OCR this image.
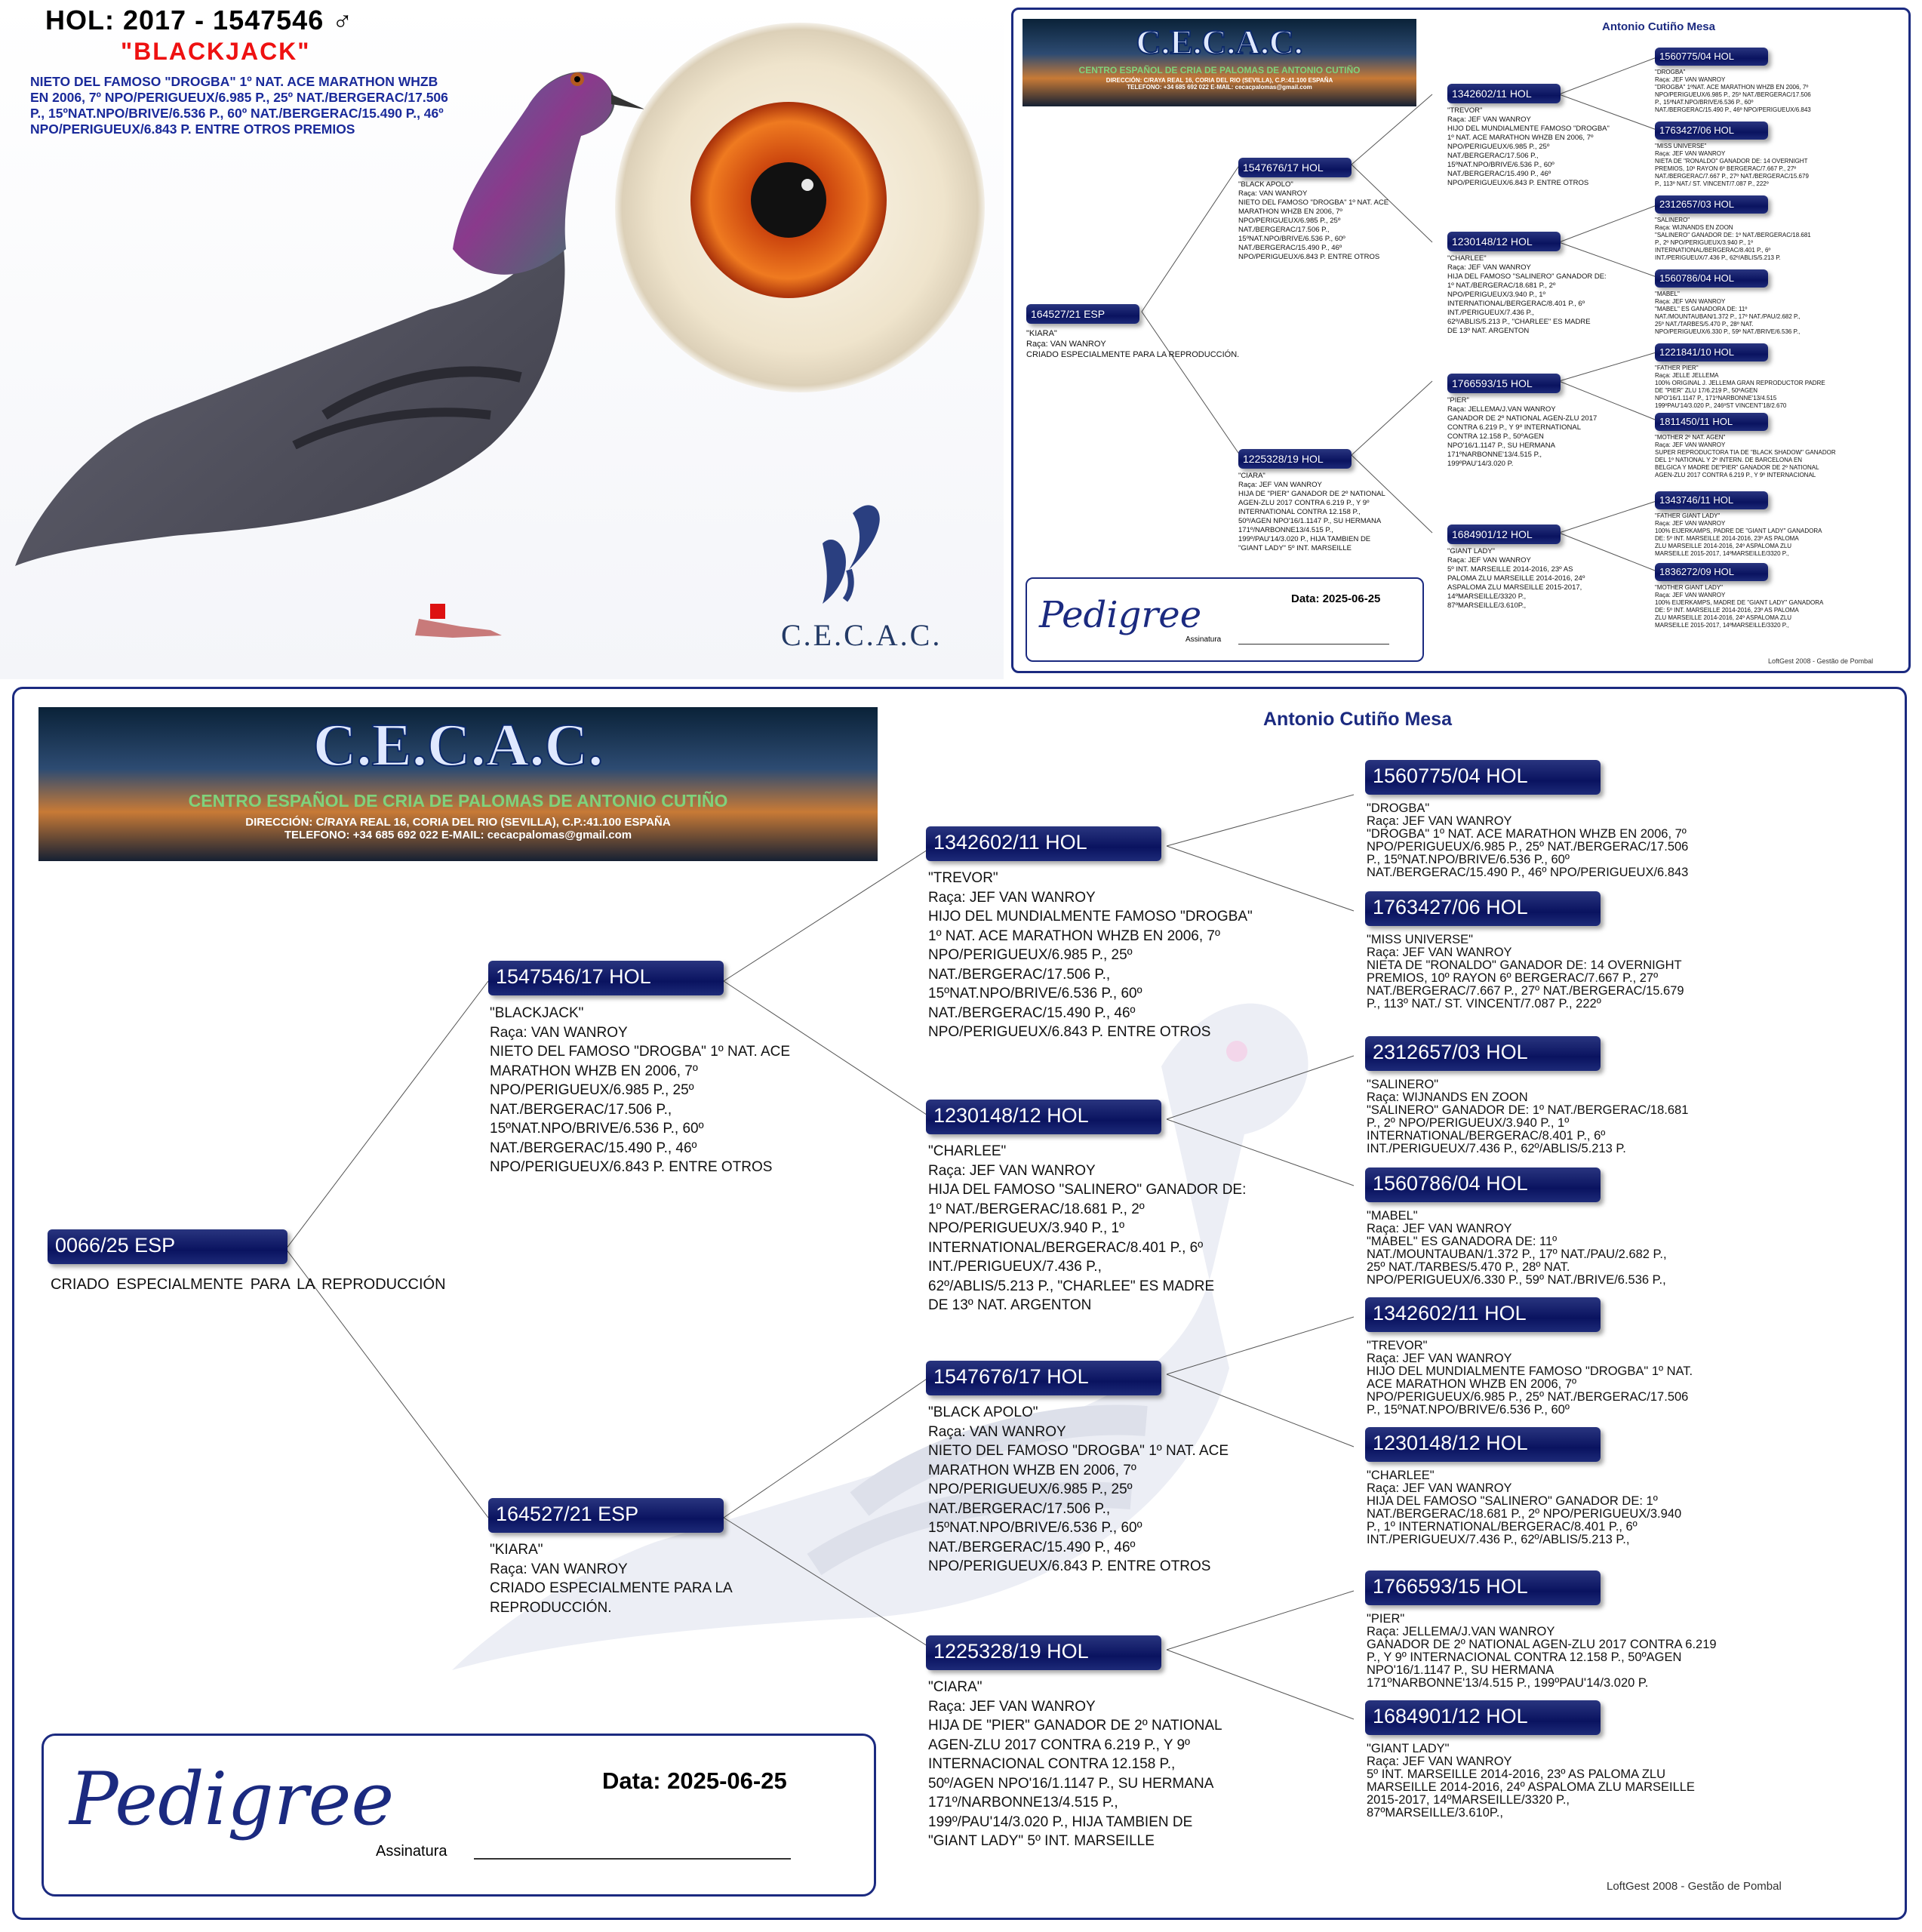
HOL: 2017 - 1547546 ♂
"BLACKJACK"
NIETO DEL FAMOSO "DROGBA" 1º NAT. ACE MARATHON WHZB EN 2006, 7º NPO/PERIGUEUX/6.985 P., 25º NAT./BERGERAC/17.506 P., 15ºNAT.NPO/BRIVE/6.536 P., 60º NAT./BERGERAC/15.490 P., 46º NPO/PERIGUEUX/6.843 P. ENTRE OTROS PREMIOS
C.E.C.A.C.
C.E.C.A.C.
CENTRO ESPAÑOL DE CRIA DE PALOMAS DE ANTONIO CUTIÑO
DIRECCIÓN: C/RAYA REAL 16, CORIA DEL RIO (SEVILLA), C.P.:41.100 ESPAÑA
TELEFONO: +34 685 692 022 E-MAIL: cecacpalomas@gmail.com
Antonio Cutiño Mesa
164527/21 ESP
"KIARA"
Raça: VAN WANROY
CRIADO ESPECIALMENTE PARA LA REPRODUCCIÓN.
1547676/17 HOL
"BLACK APOLO"
Raça: VAN WANROY
NIETO DEL FAMOSO "DROGBA" 1º NAT. ACE
MARATHON WHZB EN 2006, 7º
NPO/PERIGUEUX/6.985 P., 25º
NAT./BERGERAC/17.506 P.,
15ºNAT.NPO/BRIVE/6.536 P., 60º
NAT./BERGERAC/15.490 P., 46º
NPO/PERIGUEUX/6.843 P. ENTRE OTROS
1225328/19 HOL
"CIARA"
Raça: JEF VAN WANROY
HIJA DE "PIER" GANADOR DE 2º NATIONAL
AGEN-ZLU 2017 CONTRA 6.219 P., Y 9º
INTERNATIONAL CONTRA 12.158 P.,
50º/AGEN NPO'16/1.1147 P., SU HERMANA
171º/NARBONNE13/4.515 P.,
199º/PAU'14/3.020 P., HIJA TAMBIEN DE
"GIANT LADY" 5º INT. MARSEILLE
1342602/11 HOL
"TREVOR"
Raça: JEF VAN WANROY
HIJO DEL MUNDIALMENTE FAMOSO "DROGBA"
1º NAT. ACE MARATHON WHZB EN 2006, 7º
NPO/PERIGUEUX/6.985 P., 25º
NAT./BERGERAC/17.506 P.,
15ºNAT.NPO/BRIVE/6.536 P., 60º
NAT./BERGERAC/15.490 P., 46º
NPO/PERIGUEUX/6.843 P. ENTRE OTROS
1230148/12 HOL
"CHARLEE"
Raça: JEF VAN WANROY
HIJA DEL FAMOSO "SALINERO" GANADOR DE:
1º NAT./BERGERAC/18.681 P., 2º
NPO/PERIGUEUX/3.940 P., 1º
INTERNATIONAL/BERGERAC/8.401 P., 6º
INT./PERIGUEUX/7.436 P.,
62º/ABLIS/5.213 P., "CHARLEE" ES MADRE
DE 13º NAT. ARGENTON
1766593/15 HOL
"PIER"
Raça: JELLEMA/J.VAN WANROY
GANADOR DE 2º NATIONAL AGEN-ZLU 2017
CONTRA 6.219 P., Y 9º INTERNATIONAL
CONTRA 12.158 P., 50ºAGEN
NPO'16/1.1147 P., SU HERMANA
171ºNARBONNE'13/4.515 P.,
199ºPAU'14/3.020 P.
1684901/12 HOL
"GIANT LADY"
Raça: JEF VAN WANROY
5º INT. MARSEILLE 2014-2016, 23º AS
PALOMA ZLU MARSEILLE 2014-2016, 24º
ASPALOMA ZLU MARSEILLE 2015-2017,
14ºMARSEILLE/3320 P.,
87ºMARSEILLE/3.610P.,
1560775/04 HOL
"DROGBA"
Raça: JEF VAN WANROY
"DROGBA" 1ºNAT. ACE MARATHON WHZB EN 2006, 7º
NPO/PERIGUEUX/6.985 P., 25º NAT./BERGERAC/17.506
P., 15ºNAT.NPO/BRIVE/6.536 P., 60º
NAT./BERGERAC/15.490 P., 46º NPO/PERIGUEUX/6.843
1763427/06 HOL
"MISS UNIVERSE"
Raça: JEF VAN WANROY
NIETA DE "RONALDO" GANADOR DE: 14 OVERNIGHT
PREMIOS, 10º RAYON 6º BERGERAC/7.667 P., 27º
NAT./BERGERAC/7.667 P., 27º NAT./BERGERAC/15.679
P., 113º NAT./ ST. VINCENT/7.087 P., 222º
2312657/03 HOL
"SALINERO"
Raça: WIJNANDS EN ZOON
"SALINERO" GANADOR DE: 1º NAT./BERGERAC/18.681
P., 2º NPO/PERIGUEUX/3.940 P., 1º
INTERNATIONAL/BERGERAC/8.401 P., 6º
INT./PERIGUEUX/7.436 P., 62º/ABLIS/5.213 P.
1560786/04 HOL
"MABEL"
Raça: JEF VAN WANROY
"MABEL" ES GANADORA DE: 11º
NAT./MOUNTAUBAN/1.372 P., 17º NAT./PAU/2.682 P.,
25º NAT./TARBES/5.470 P., 28º NAT.
NPO/PERIGUEUX/6.330 P., 59º NAT./BRIVE/6.536 P.,
1221841/10 HOL
"FATHER PIER"
Raça: JELLE JELLEMA
100% ORIGINAL J. JELLEMA GRAN REPRODUCTOR PADRE
DE "PIER" ZLU 17/6.219 P., 50ºAGEN
NPO'16/1.1147 P., 171ºNARBONNE'13/4.515
199ºPAU'14/3.020 P., 246ºST VINCENT'18/2.670
1811450/11 HOL
"MOTHER 2º NAT. AGEN"
Raça: JEF VAN WANROY
SUPER REPRODUCTORA TIA DE "BLACK SHADOW" GANADOR
DEL 1º NATIONAL Y 2º INTERN. DE BARCELONA EN
BELGICA Y MADRE DE"PIER" GANADOR DE 2º NATIONAL
AGEN-ZLU 2017 CONTRA 6.219 P., Y 9º INTERNACIONAL
1343746/11 HOL
"FATHER GIANT LADY"
Raça: JEF VAN WANROY
100% EIJERKAMPS, PADRE DE "GIANT LADY" GANADORA
DE: 5º INT. MARSEILLE 2014-2016, 23º AS PALOMA
ZLU MARSEILLE 2014-2016, 24º ASPALOMA ZLU
MARSEILLE 2015-2017, 14ºMARSEILLE/3320 P.,
1836272/09 HOL
"MOTHER GIANT LADY"
Raça: JEF VAN WANROY
100% EIJERKAMPS, MADRE DE "GIANT LADY" GANADORA
DE: 5º INT. MARSEILLE 2014-2016, 23º AS PALOMA
ZLU MARSEILLE 2014-2016, 24º ASPALOMA ZLU
MARSEILLE 2015-2017, 14ºMARSEILLE/3320 P.,
Pedigree	Data: 2025-06-25
Assinatura
LoftGest 2008 - Gestão de Pombal
C.E.C.A.C.
CENTRO ESPAÑOL DE CRIA DE PALOMAS DE ANTONIO CUTIÑO
DIRECCIÓN: C/RAYA REAL 16, CORIA DEL RIO (SEVILLA), C.P.:41.100 ESPAÑA
TELEFONO: +34 685 692 022 E-MAIL: cecacpalomas@gmail.com
Antonio Cutiño Mesa
0066/25 ESP
CRIADO ESPECIALMENTE PARA LA REPRODUCCIÓN
1547546/17 HOL
"BLACKJACK"
Raça: VAN WANROY
NIETO DEL FAMOSO "DROGBA" 1º NAT. ACE
MARATHON WHZB EN 2006, 7º
NPO/PERIGUEUX/6.985 P., 25º
NAT./BERGERAC/17.506 P.,
15ºNAT.NPO/BRIVE/6.536 P., 60º
NAT./BERGERAC/15.490 P., 46º
NPO/PERIGUEUX/6.843 P. ENTRE OTROS
164527/21 ESP
"KIARA"
Raça: VAN WANROY
CRIADO ESPECIALMENTE PARA LA
REPRODUCCIÓN.
1342602/11 HOL
"TREVOR"
Raça: JEF VAN WANROY
HIJO DEL MUNDIALMENTE FAMOSO "DROGBA"
1º NAT. ACE MARATHON WHZB EN 2006, 7º
NPO/PERIGUEUX/6.985 P., 25º
NAT./BERGERAC/17.506 P.,
15ºNAT.NPO/BRIVE/6.536 P., 60º
NAT./BERGERAC/15.490 P., 46º
NPO/PERIGUEUX/6.843 P. ENTRE OTROS
1230148/12 HOL
"CHARLEE"
Raça: JEF VAN WANROY
HIJA DEL FAMOSO "SALINERO" GANADOR DE:
1º NAT./BERGERAC/18.681 P., 2º
NPO/PERIGUEUX/3.940 P., 1º
INTERNATIONAL/BERGERAC/8.401 P., 6º
INT./PERIGUEUX/7.436 P.,
62º/ABLIS/5.213 P., "CHARLEE" ES MADRE
DE 13º NAT. ARGENTON
1547676/17 HOL
"BLACK APOLO"
Raça: VAN WANROY
NIETO DEL FAMOSO "DROGBA" 1º NAT. ACE
MARATHON WHZB EN 2006, 7º
NPO/PERIGUEUX/6.985 P., 25º
NAT./BERGERAC/17.506 P.,
15ºNAT.NPO/BRIVE/6.536 P., 60º
NAT./BERGERAC/15.490 P., 46º
NPO/PERIGUEUX/6.843 P. ENTRE OTROS
1225328/19 HOL
"CIARA"
Raça: JEF VAN WANROY
HIJA DE "PIER" GANADOR DE 2º NATIONAL
AGEN-ZLU 2017 CONTRA 6.219 P., Y 9º
INTERNACIONAL CONTRA 12.158 P.,
50º/AGEN NPO'16/1.1147 P., SU HERMANA
171º/NARBONNE13/4.515 P.,
199º/PAU'14/3.020 P., HIJA TAMBIEN DE
"GIANT LADY" 5º INT. MARSEILLE
1560775/04 HOL
"DROGBA"
Raça: JEF VAN WANROY
"DROGBA" 1º NAT. ACE MARATHON WHZB EN 2006, 7º
NPO/PERIGUEUX/6.985 P., 25º NAT./BERGERAC/17.506
P., 15ºNAT.NPO/BRIVE/6.536 P., 60º
NAT./BERGERAC/15.490 P., 46º NPO/PERIGUEUX/6.843
1763427/06 HOL
"MISS UNIVERSE"
Raça: JEF VAN WANROY
NIETA DE "RONALDO" GANADOR DE: 14 OVERNIGHT
PREMIOS, 10º RAYON 6º BERGERAC/7.667 P., 27º
NAT./BERGERAC/7.667 P., 27º NAT./BERGERAC/15.679
P., 113º NAT./ ST. VINCENT/7.087 P., 222º
2312657/03 HOL
"SALINERO"
Raça: WIJNANDS EN ZOON
"SALINERO" GANADOR DE: 1º NAT./BERGERAC/18.681
P., 2º NPO/PERIGUEUX/3.940 P., 1º
INTERNATIONAL/BERGERAC/8.401 P., 6º
INT./PERIGUEUX/7.436 P., 62º/ABLIS/5.213 P.
1560786/04 HOL
"MABEL"
Raça: JEF VAN WANROY
"MABEL" ES GANADORA DE: 11º
NAT./MOUNTAUBAN/1.372 P., 17º NAT./PAU/2.682 P.,
25º NAT./TARBES/5.470 P., 28º NAT.
NPO/PERIGUEUX/6.330 P., 59º NAT./BRIVE/6.536 P.,
1342602/11 HOL
"TREVOR"
Raça: JEF VAN WANROY
HIJO DEL MUNDIALMENTE FAMOSO "DROGBA" 1º NAT.
ACE MARATHON WHZB EN 2006, 7º
NPO/PERIGUEUX/6.985 P., 25º NAT./BERGERAC/17.506
P., 15ºNAT.NPO/BRIVE/6.536 P., 60º
1230148/12 HOL
"CHARLEE"
Raça: JEF VAN WANROY
HIJA DEL FAMOSO "SALINERO" GANADOR DE: 1º
NAT./BERGERAC/18.681 P., 2º NPO/PERIGUEUX/3.940
P., 1º INTERNATIONAL/BERGERAC/8.401 P., 6º
INT./PERIGUEUX/7.436 P., 62º/ABLIS/5.213 P.,
1766593/15 HOL
"PIER"
Raça: JELLEMA/J.VAN WANROY
GANADOR DE 2º NATIONAL AGEN-ZLU 2017 CONTRA 6.219
P., Y 9º INTERNACIONAL CONTRA 12.158 P., 50ºAGEN
NPO'16/1.1147 P., SU HERMANA
171ºNARBONNE'13/4.515 P., 199ºPAU'14/3.020 P.
1684901/12 HOL
"GIANT LADY"
Raça: JEF VAN WANROY
5º INT. MARSEILLE 2014-2016, 23º AS PALOMA ZLU
MARSEILLE 2014-2016, 24º ASPALOMA ZLU MARSEILLE
2015-2017, 14ºMARSEILLE/3320 P.,
87ºMARSEILLE/3.610P.,
Pedigree	Data: 2025-06-25
Assinatura
LoftGest 2008 - Gestão de Pombal
